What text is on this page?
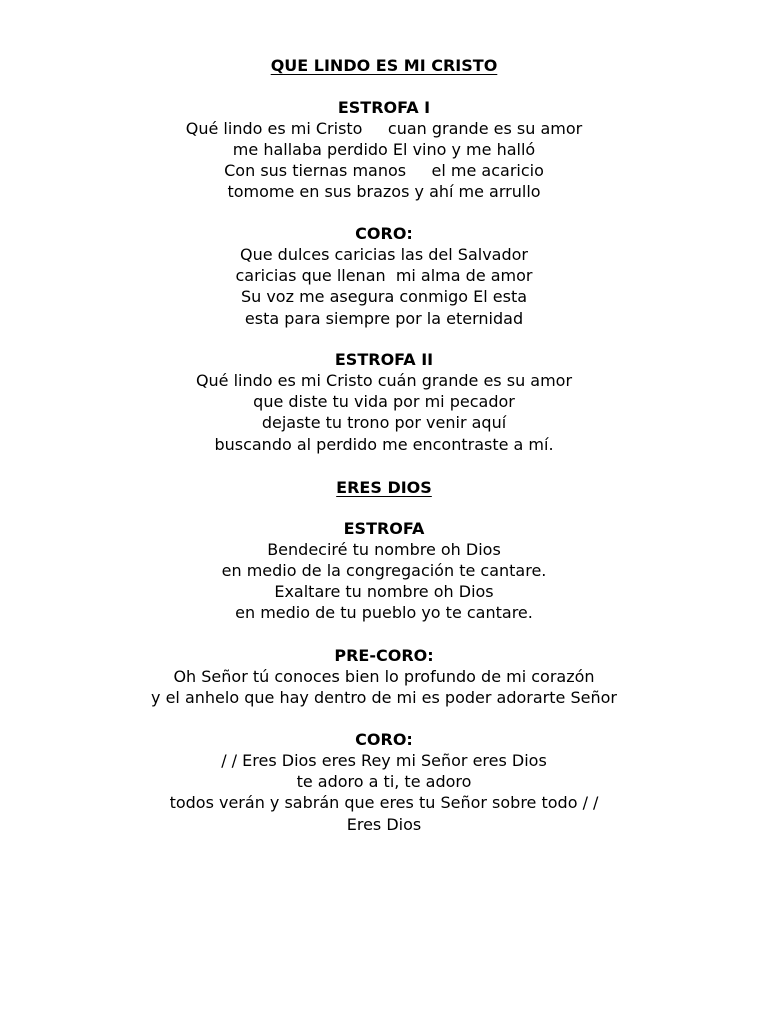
QUE LINDO ES MI CRISTO
ESTROFA I
Qué lindo es mi Cristo     cuan grande es su amor
me hallaba perdido El vino y me halló
Con sus tiernas manos     el me acaricio
tomome en sus brazos y ahí me arrullo
CORO:
Que dulces caricias las del Salvador
caricias que llenan  mi alma de amor
Su voz me asegura conmigo El esta
esta para siempre por la eternidad
ESTROFA II
Qué lindo es mi Cristo cuán grande es su amor
que diste tu vida por mi pecador
dejaste tu trono por venir aquí
buscando al perdido me encontraste a mí.
ERES DIOS
ESTROFA
Bendeciré tu nombre oh Dios
en medio de la congregación te cantare.
Exaltare tu nombre oh Dios
en medio de tu pueblo yo te cantare.
PRE-CORO:
Oh Señor tú conoces bien lo profundo de mi corazón
y el anhelo que hay dentro de mi es poder adorarte Señor
CORO:
/ / Eres Dios eres Rey mi Señor eres Dios
te adoro a ti, te adoro
todos verán y sabrán que eres tu Señor sobre todo / /
Eres Dios
